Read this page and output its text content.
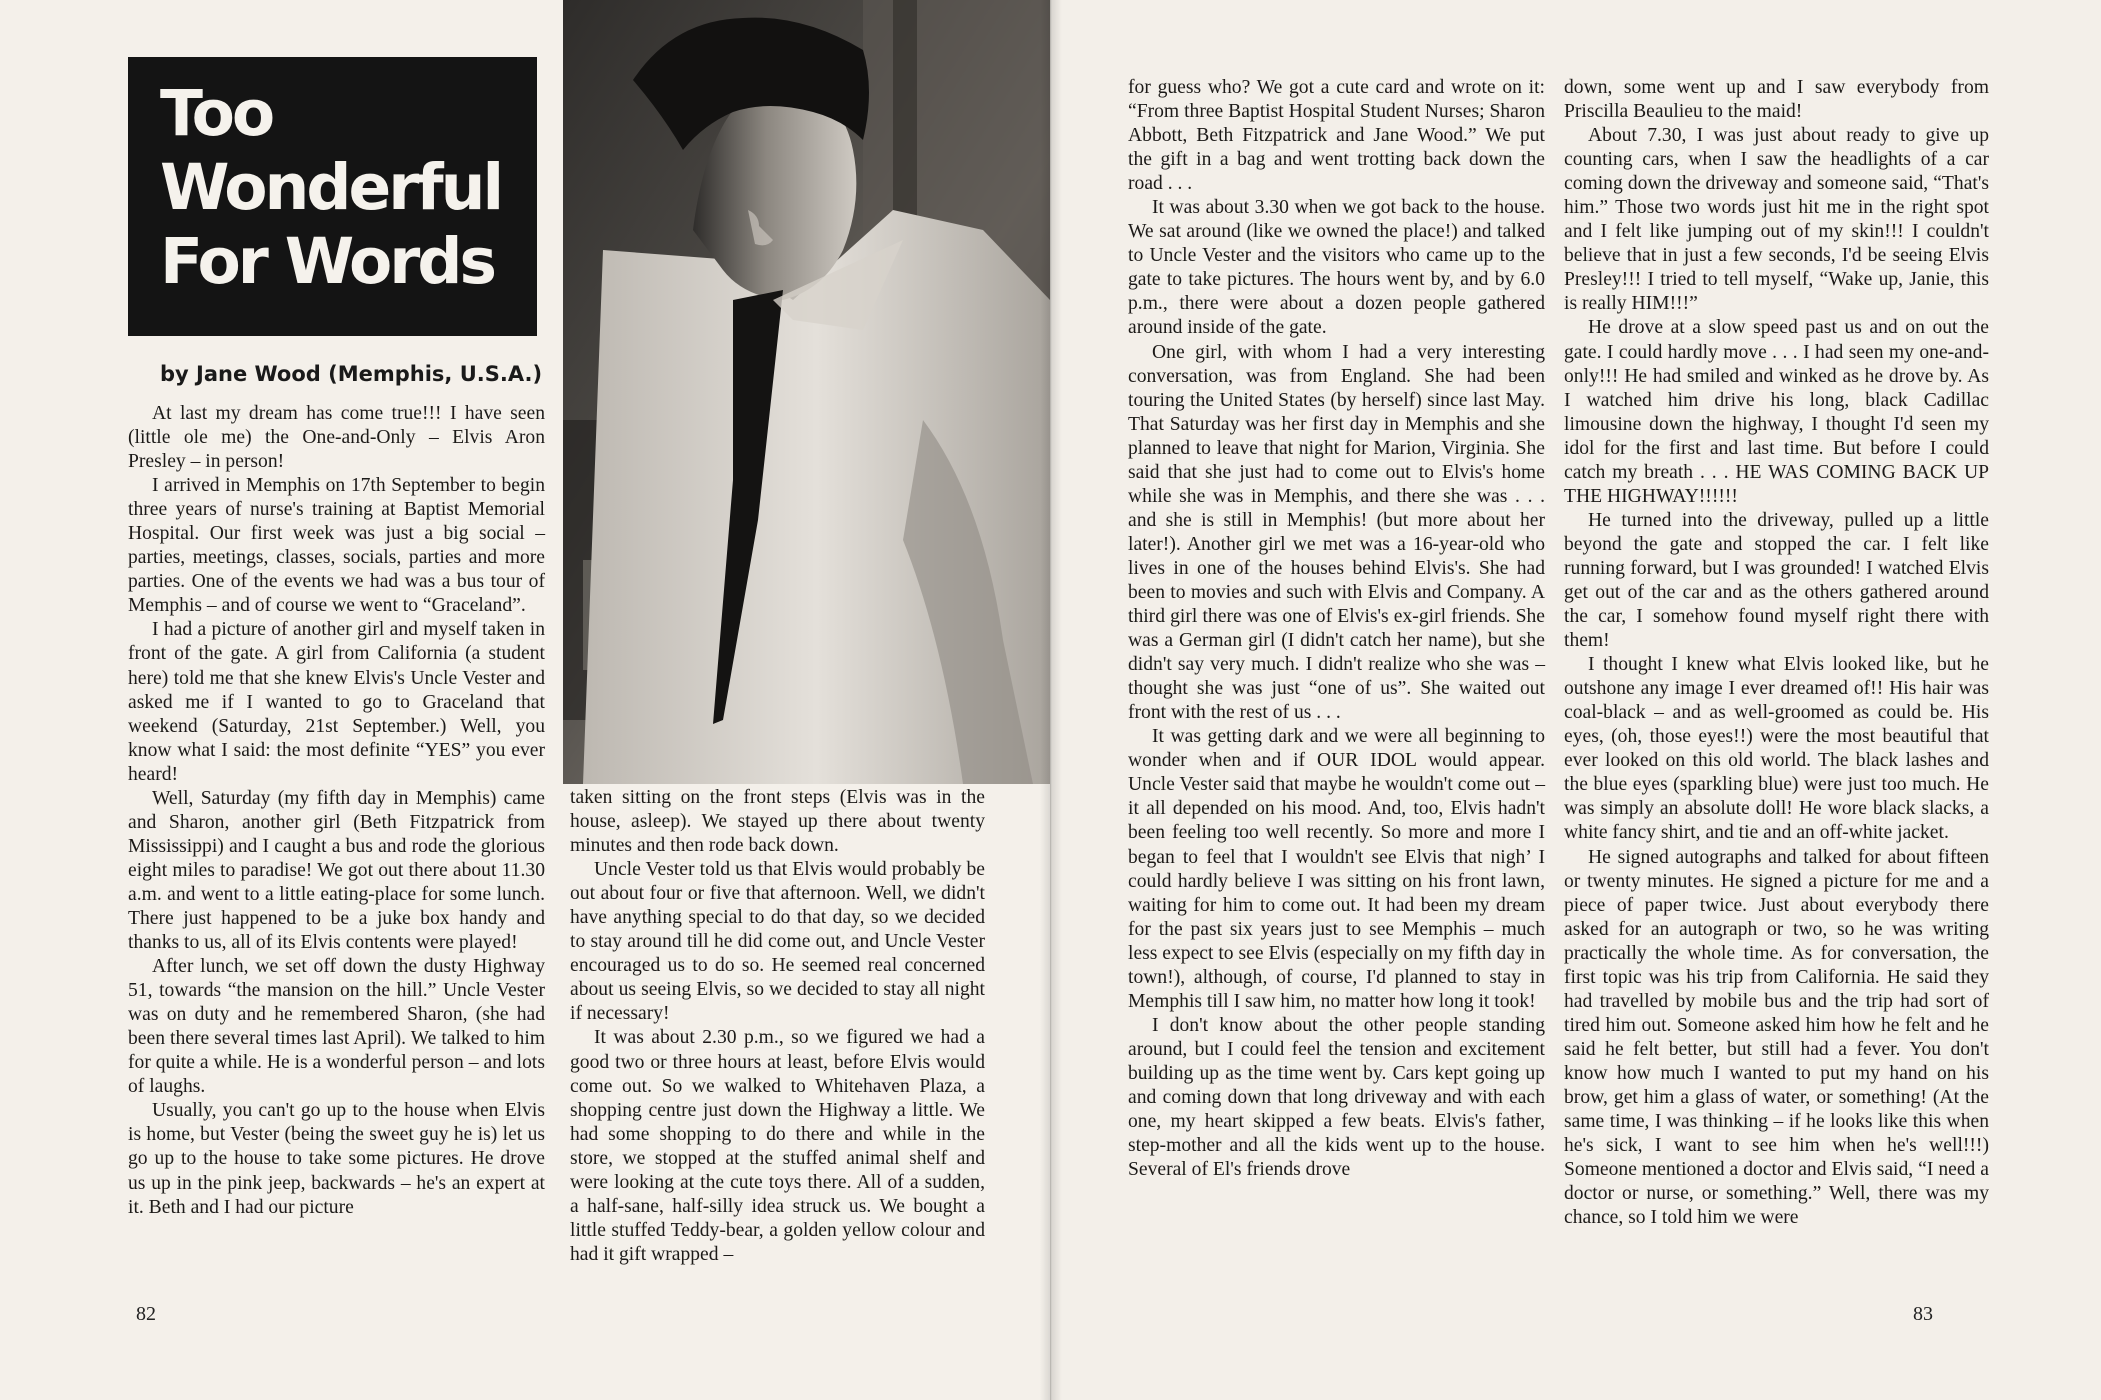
Too
Wonderful
For Words
by Jane Wood (Memphis, U.S.A.)

At last my dream has come true!!! I have seen (little ole me) the One-and-Only – Elvis Aron Presley – in person!

I arrived in Memphis on 17th September to begin three years of nurse's training at Baptist Memorial Hospital. Our first week was just a big social – parties, meetings, classes, socials, parties and more parties. One of the events we had was a bus tour of Memphis – and of course we went to “Graceland”.

I had a picture of another girl and myself taken in front of the gate. A girl from California (a student here) told me that she knew Elvis's Uncle Vester and asked me if I wanted to go to Graceland that weekend (Saturday, 21st September.) Well, you know what I said: the most definite “YES” you ever heard!

Well, Saturday (my fifth day in Memphis) came and Sharon, another girl (Beth Fitzpatrick from Mississippi) and I caught a bus and rode the glorious eight miles to paradise! We got out there about 11.30 a.m. and went to a little eating-place for some lunch. There just happened to be a juke box handy and thanks to us, all of its Elvis contents were played!

After lunch, we set off down the dusty Highway 51, towards “the mansion on the hill.” Uncle Vester was on duty and he remembered Sharon, (she had been there several times last April). We talked to him for quite a while. He is a wonderful person – and lots of laughs.

Usually, you can't go up to the house when Elvis is home, but Vester (being the sweet guy he is) let us go up to the house to take some pictures. He drove us up in the pink jeep, backwards – he's an expert at it. Beth and I had our picture

taken sitting on the front steps (Elvis was in the house, asleep). We stayed up there about twenty minutes and then rode back down.

Uncle Vester told us that Elvis would probably be out about four or five that afternoon. Well, we didn't have anything special to do that day, so we decided to stay around till he did come out, and Uncle Vester encouraged us to do so. He seemed real concerned about us seeing Elvis, so we decided to stay all night if necessary!

It was about 2.30 p.m., so we figured we had a good two or three hours at least, before Elvis would come out. So we walked to Whitehaven Plaza, a shopping centre just down the Highway a little. We had some shopping to do there and while in the store, we stopped at the stuffed animal shelf and were looking at the cute toys there. All of a sudden, a half-sane, half-silly idea struck us. We bought a little stuffed Teddy-bear, a golden yellow colour and had it gift wrapped –

82

for guess who? We got a cute card and wrote on it: “From three Baptist Hospital Student Nurses; Sharon Abbott, Beth Fitzpatrick and Jane Wood.” We put the gift in a bag and went trotting back down the road . . .

It was about 3.30 when we got back to the house. We sat around (like we owned the place!) and talked to Uncle Vester and the visitors who came up to the gate to take pictures. The hours went by, and by 6.0 p.m., there were about a dozen people gathered around inside of the gate.

One girl, with whom I had a very interesting conversation, was from England. She had been touring the United States (by herself) since last May. That Saturday was her first day in Memphis and she planned to leave that night for Marion, Virginia. She said that she just had to come out to Elvis's home while she was in Memphis, and there she was . . . and she is still in Memphis! (but more about her later!). Another girl we met was a 16-year-old who lives in one of the houses behind Elvis's. She had been to movies and such with Elvis and Company. A third girl there was one of Elvis's ex-girl friends. She was a German girl (I didn't catch her name), but she didn't say very much. I didn't realize who she was – thought she was just “one of us”. She waited out front with the rest of us . . .

It was getting dark and we were all beginning to wonder when and if OUR IDOL would appear. Uncle Vester said that maybe he wouldn't come out – it all depended on his mood. And, too, Elvis hadn't been feeling too well recently. So more and more I began to feel that I wouldn't see Elvis that nigh’ I could hardly believe I was sitting on his front lawn, waiting for him to come out. It had been my dream for the past six years just to see Memphis – much less expect to see Elvis (especially on my fifth day in town!), although, of course, I'd planned to stay in Memphis till I saw him, no matter how long it took!

I don't know about the other people standing around, but I could feel the tension and excitement building up as the time went by. Cars kept going up and coming down that long driveway and with each one, my heart skipped a few beats. Elvis's father, step-mother and all the kids went up to the house. Several of El's friends drove

down, some went up and I saw everybody from Priscilla Beaulieu to the maid!

About 7.30, I was just about ready to give up counting cars, when I saw the headlights of a car coming down the driveway and someone said, “That's him.” Those two words just hit me in the right spot and I felt like jumping out of my skin!!! I couldn't believe that in just a few seconds, I'd be seeing Elvis Presley!!! I tried to tell myself, “Wake up, Janie, this is really HIM!!!”

He drove at a slow speed past us and on out the gate. I could hardly move . . . I had seen my one-and-only!!! He had smiled and winked as he drove by. As I watched him drive his long, black Cadillac limousine down the highway, I thought I'd seen my idol for the first and last time. But before I could catch my breath . . . HE WAS COMING BACK UP THE HIGHWAY!!!!!!

He turned into the driveway, pulled up a little beyond the gate and stopped the car. I felt like running forward, but I was grounded! I watched Elvis get out of the car and as the others gathered around the car, I somehow found myself right there with them!

I thought I knew what Elvis looked like, but he outshone any image I ever dreamed of!! His hair was coal-black – and as well-groomed as could be. His eyes, (oh, those eyes!!) were the most beautiful that ever looked on this old world. The black lashes and the blue eyes (sparkling blue) were just too much. He was simply an absolute doll! He wore black slacks, a white fancy shirt, and tie and an off-white jacket.

He signed autographs and talked for about fifteen or twenty minutes. He signed a picture for me and a piece of paper twice. Just about everybody there asked for an autograph or two, so he was writing practically the whole time. As for conversation, the first topic was his trip from California. He said they had travelled by mobile bus and the trip had sort of tired him out. Someone asked him how he felt and he said he felt better, but still had a fever. You don't know how much I wanted to put my hand on his brow, get him a glass of water, or something! (At the same time, I was thinking – if he looks like this when he's sick, I want to see him when he's well!!!) Someone mentioned a doctor and Elvis said, “I need a doctor or nurse, or something.” Well, there was my chance, so I told him we were

83
